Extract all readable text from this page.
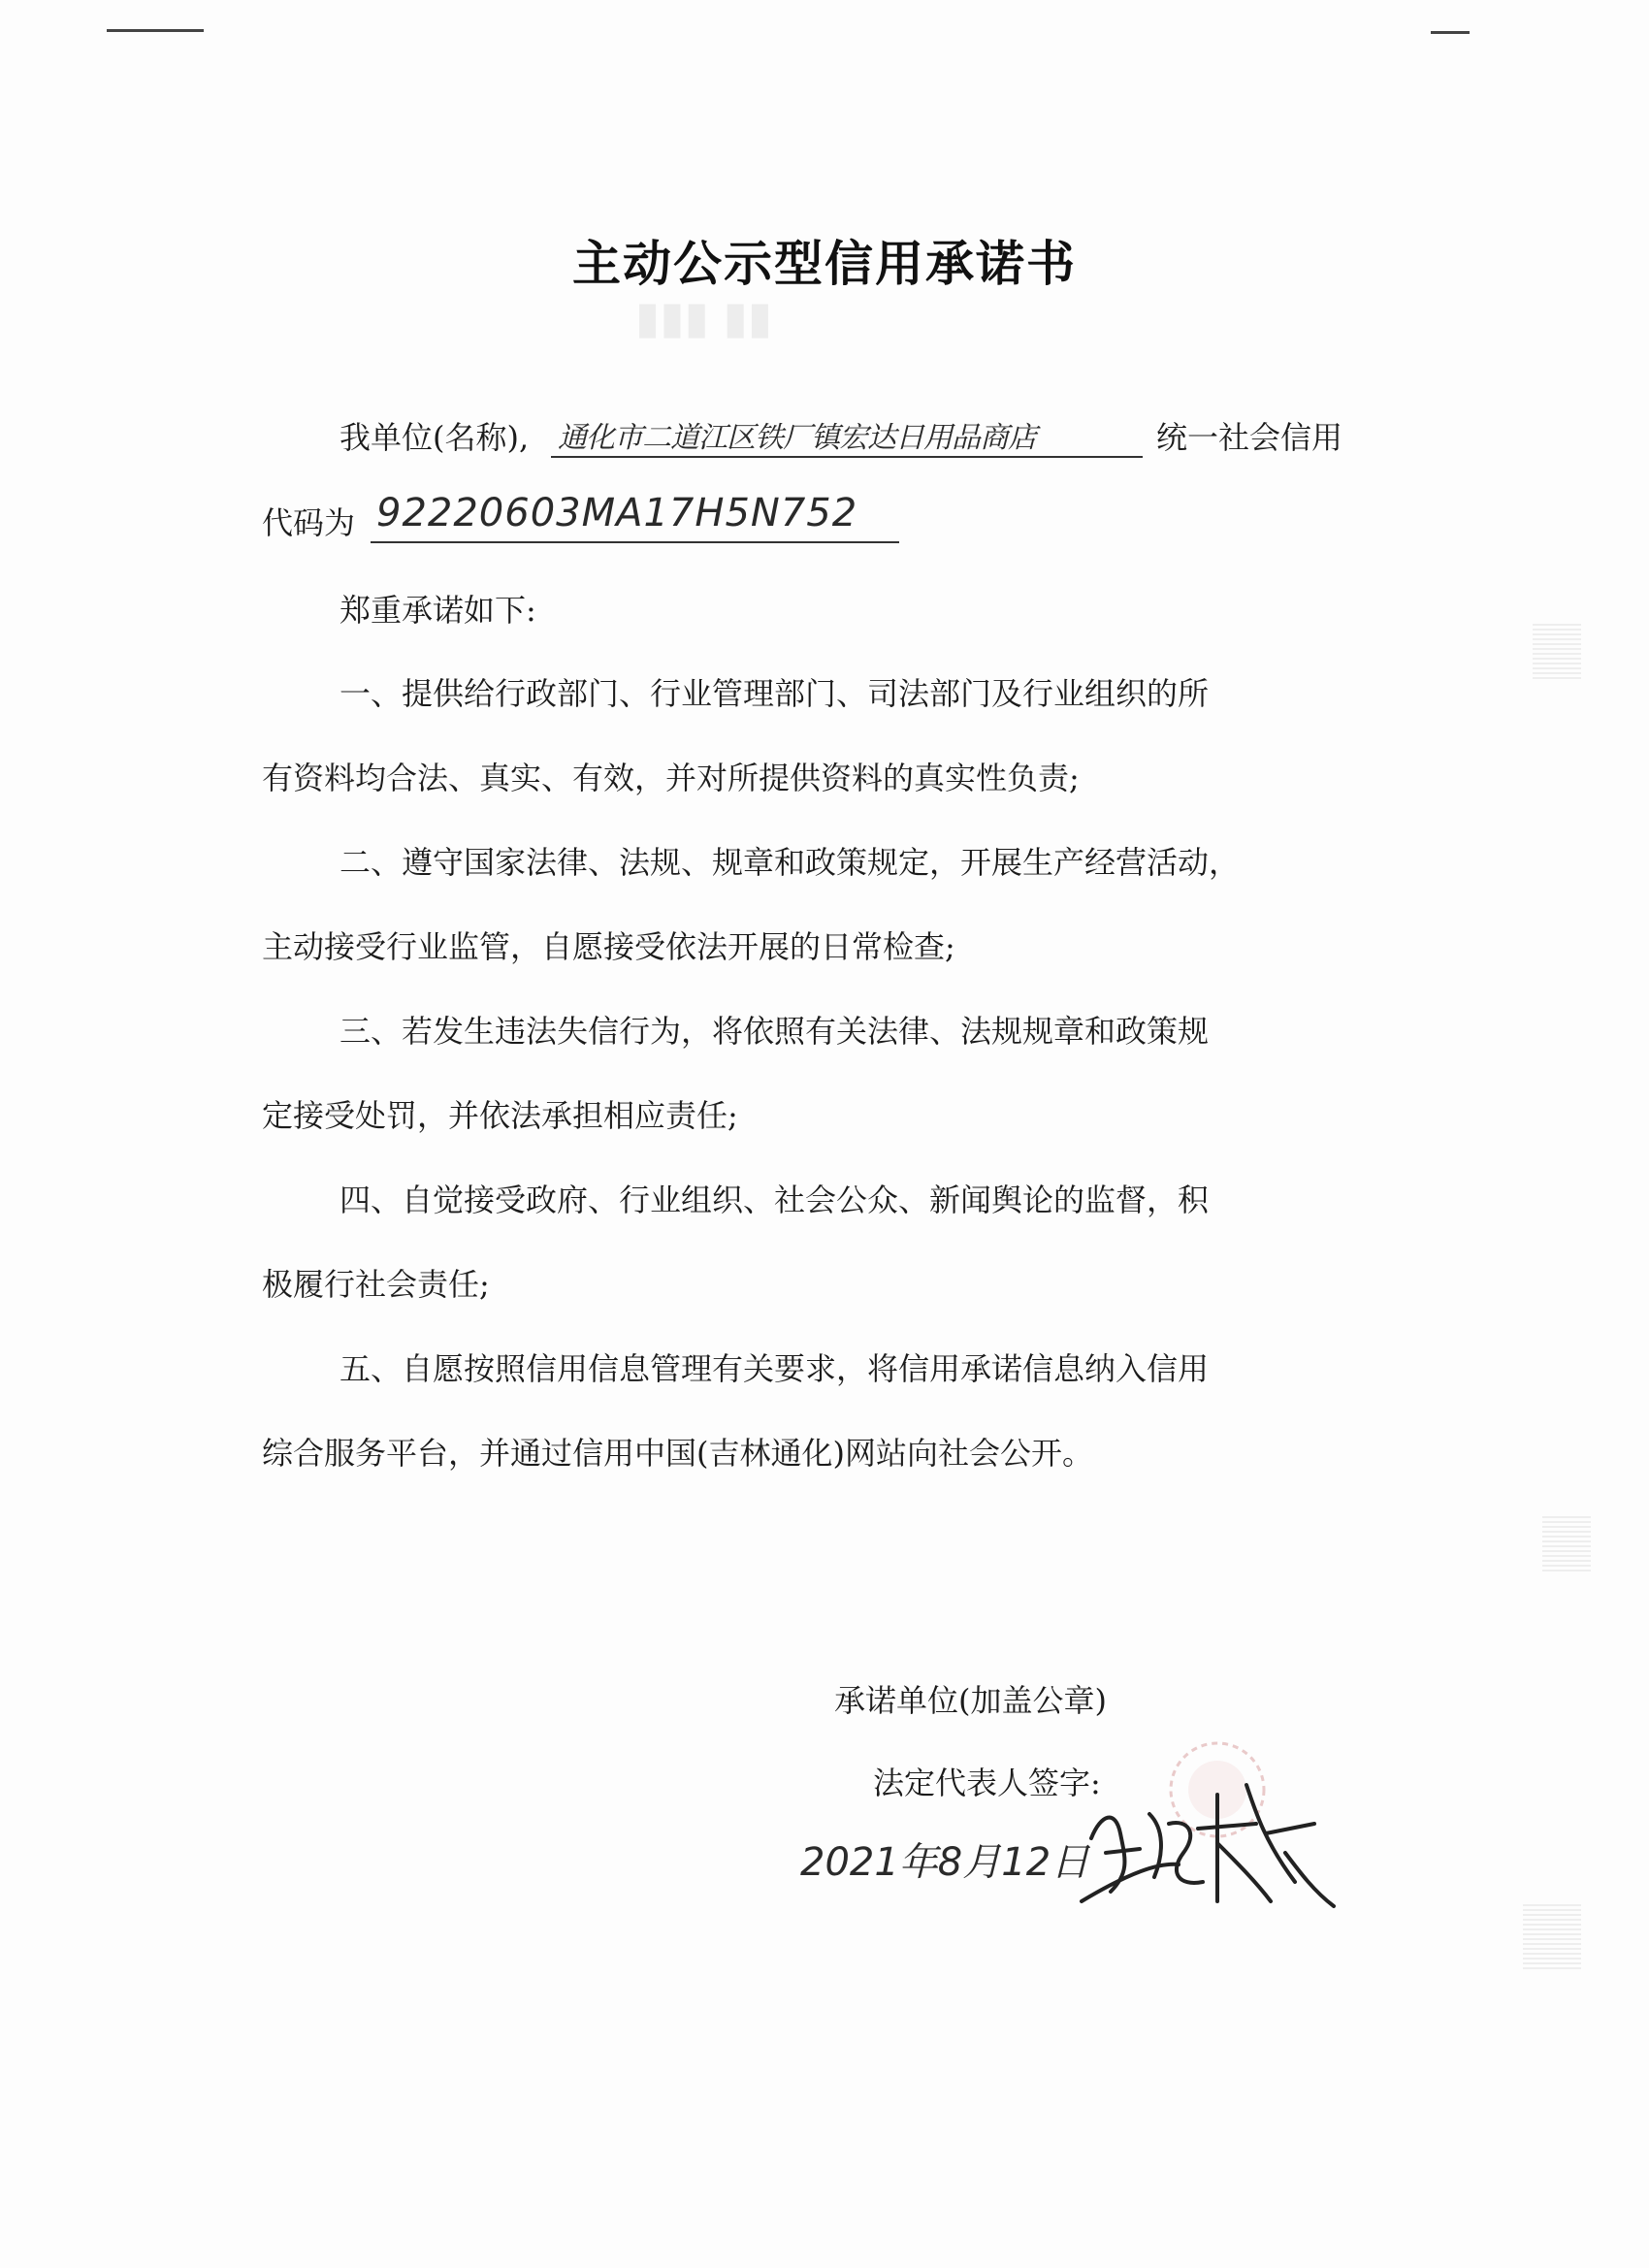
▮▮▮ ▮▮
主动公示型信用承诺书
我单位(名称), 通化市二道江区铁厂镇宏达日用品商店	统一社会信用
代码为 92220603MA17H5N752
郑重承诺如下:
一、提供给行政部门、行业管理部门、司法部门及行业组织的所
有资料均合法、真实、有效，并对所提供资料的真实性负责;
二、遵守国家法律、法规、规章和政策规定，开展生产经营活动，
主动接受行业监管，自愿接受依法开展的日常检查;
三、若发生违法失信行为，将依照有关法律、法规规章和政策规
定接受处罚，并依法承担相应责任;
四、自觉接受政府、行业组织、社会公众、新闻舆论的监督，积
极履行社会责任;
五、自愿按照信用信息管理有关要求，将信用承诺信息纳入信用
综合服务平台，并通过信用中国(吉林通化)网站向社会公开。
承诺单位(加盖公章)
法定代表人签字:
2021年8月12日
